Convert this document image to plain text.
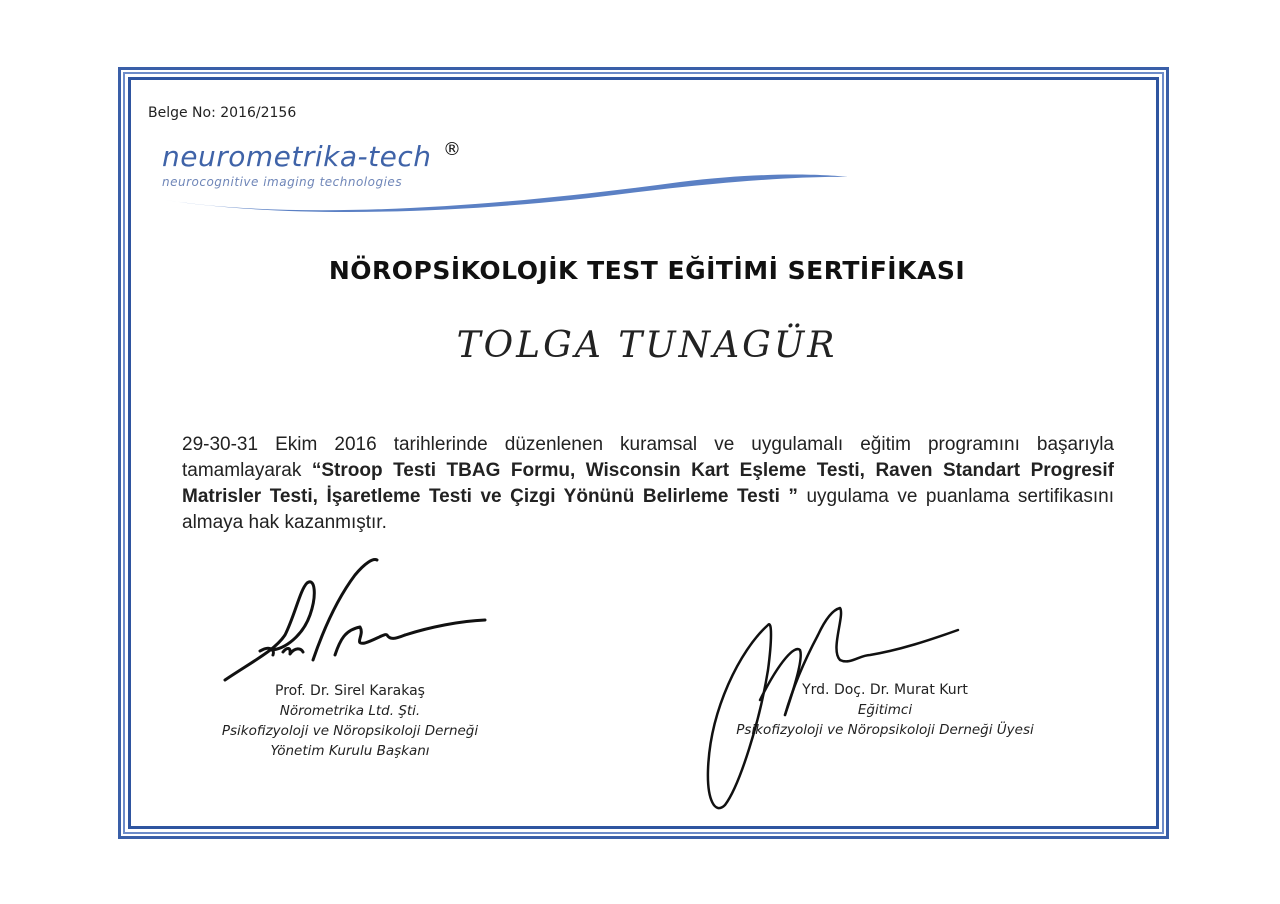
Belge No: 2016/2156
neurometrika-tech ®
neurocognitive imaging technologies
NÖROPSİKOLOJİK TEST EĞİTİMİ SERTİFİKASI
TOLGA TUNAGÜR
29-30-31 Ekim 2016 tarihlerinde düzenlenen kuramsal ve uygulamalı eğitim programını başarıyla tamamlayarak “Stroop Testi TBAG Formu, Wisconsin Kart Eşleme Testi, Raven Standart Progresif Matrisler Testi, İşaretleme Testi ve Çizgi Yönünü Belirleme Testi ” uygulama ve puanlama sertifikasını almaya hak kazanmıştır.
Prof. Dr. Sirel Karakaş
Nörometrika Ltd. Şti.
Psikofizyoloji ve Nöropsikoloji Derneği
Yönetim Kurulu Başkanı
Yrd. Doç. Dr. Murat Kurt
Eğitimci
Psikofizyoloji ve Nöropsikoloji Derneği Üyesi
